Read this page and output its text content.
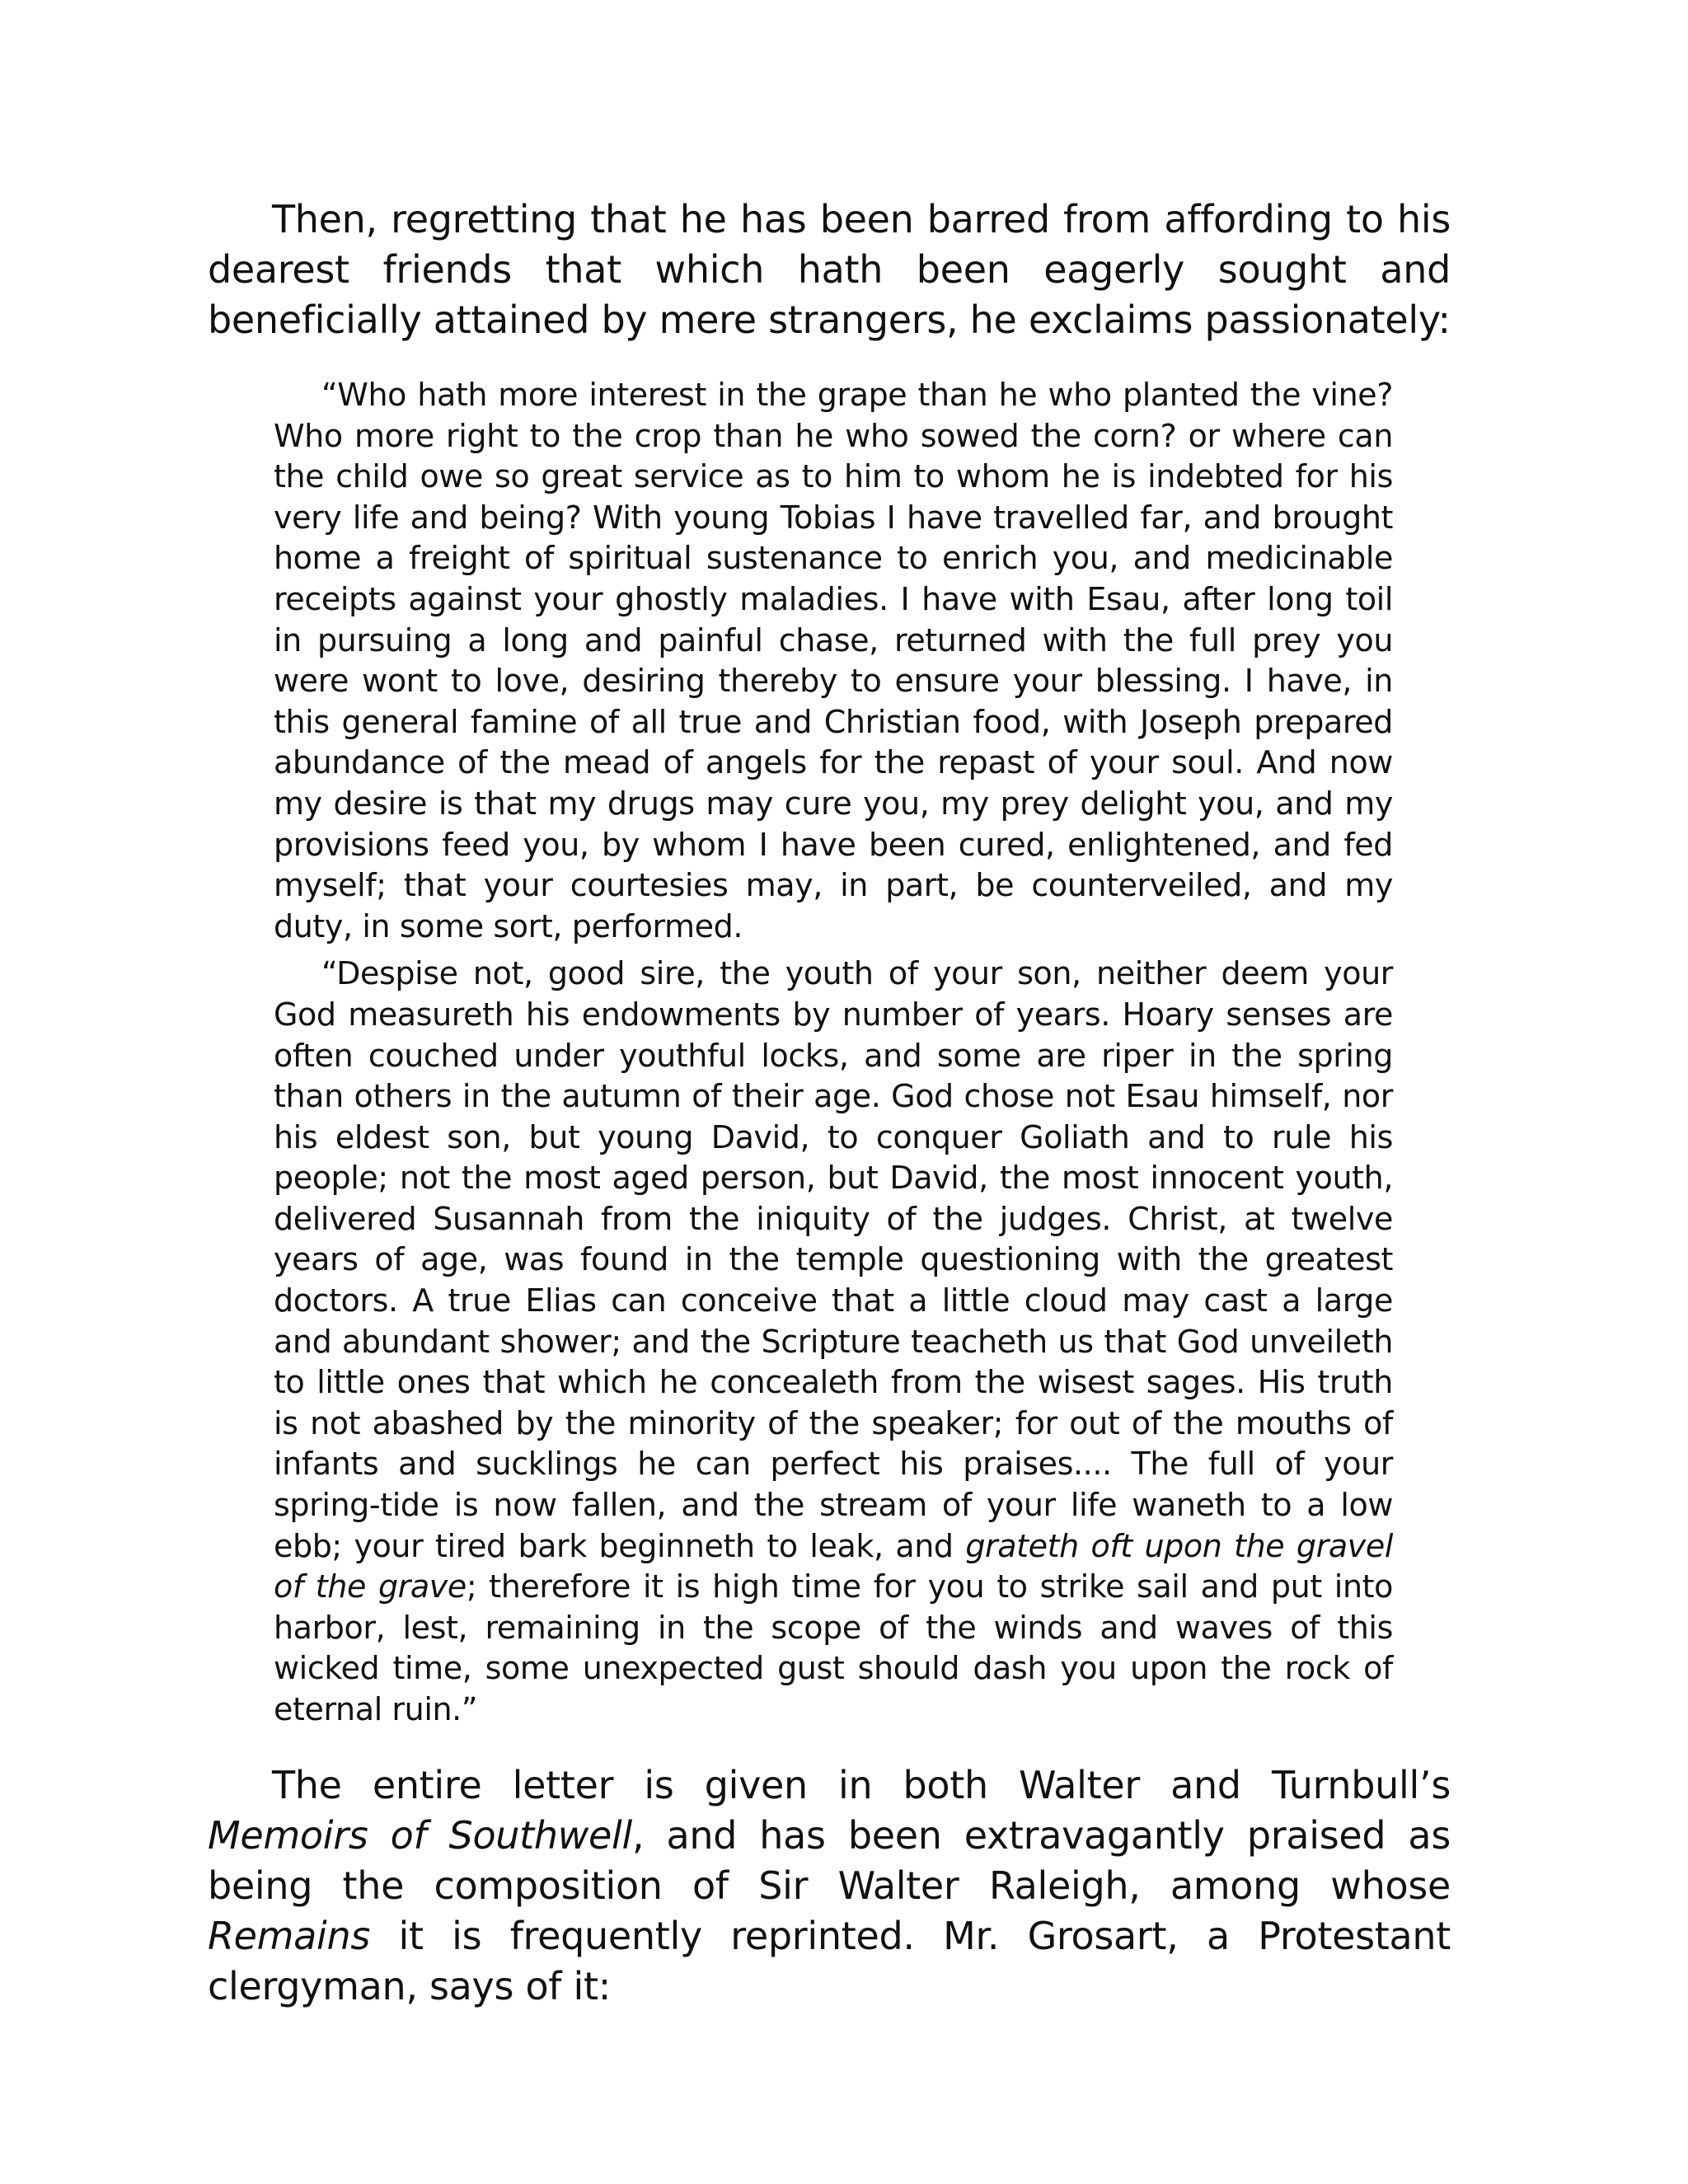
Then, regretting that he has been barred from affording to his dearest friends that which hath been eagerly sought and beneficially attained by mere strangers, he exclaims passionately:

“Who hath more interest in the grape than he who planted the vine? Who more right to the crop than he who sowed the corn? or where can the child owe so great service as to him to whom he is indebted for his very life and being? With young Tobias I have travelled far, and brought home a freight of spiritual sustenance to enrich you, and medicinable receipts against your ghostly maladies. I have with Esau, after long toil in pursuing a long and painful chase, returned with the full prey you were wont to love, desiring thereby to ensure your blessing. I have, in this general famine of all true and Christian food, with Joseph prepared abundance of the mead of angels for the repast of your soul. And now my desire is that my drugs may cure you, my prey delight you, and my provisions feed you, by whom I have been cured, enlightened, and fed myself; that your courtesies may, in part, be counterveiled, and my duty, in some sort, performed.

“Despise not, good sire, the youth of your son, neither deem your God measureth his endowments by number of years. Hoary senses are often couched under youthful locks, and some are riper in the spring than others in the autumn of their age. God chose not Esau himself, nor his eldest son, but young David, to conquer Goliath and to rule his people; not the most aged person, but David, the most innocent youth, delivered Susannah from the iniquity of the judges. Christ, at twelve years of age, was found in the temple questioning with the greatest doctors. A true Elias can conceive that a little cloud may cast a large and abundant shower; and the Scripture teacheth us that God unveileth to little ones that which he concealeth from the wisest sages. His truth is not abashed by the minority of the speaker; for out of the mouths of infants and sucklings he can perfect his praises.... The full of your spring-tide is now fallen, and the stream of your life waneth to a low ebb; your tired bark beginneth to leak, and grateth oft upon the gravel of the grave; therefore it is high time for you to strike sail and put into harbor, lest, remaining in the scope of the winds and waves of this wicked time, some unexpected gust should dash you upon the rock of eternal ruin.”

The entire letter is given in both Walter and Turnbull’s Memoirs of Southwell, and has been extravagantly praised as being the composition of Sir Walter Raleigh, among whose Remains it is frequently reprinted. Mr. Grosart, a Protestant clergyman, says of it:
